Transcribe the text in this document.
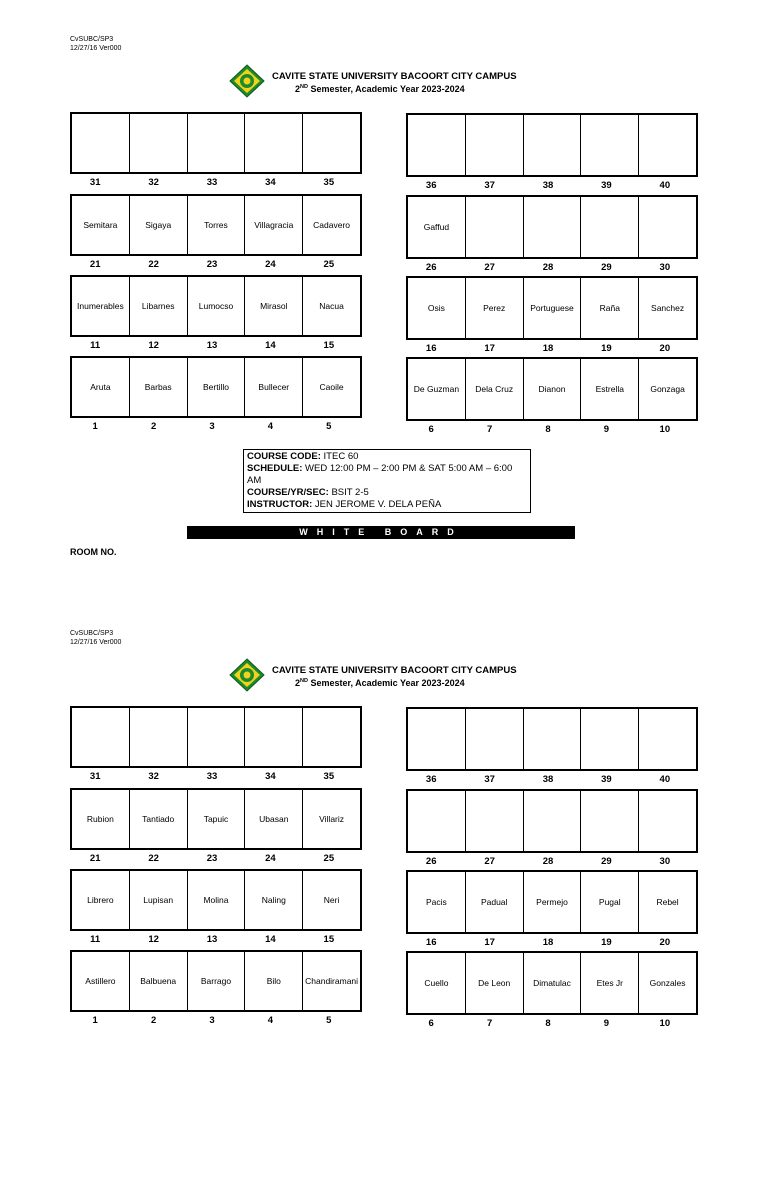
CvSUBC/SP3
12/27/16 Ver000
CAVITE STATE UNIVERSITY BACOORT CITY CAMPUS
2ND Semester, Academic Year 2023-2024
31	32	33	34	35
Semitara	Sigaya	Torres	Villagracia	Cadavero
21	22	23	24	25
Inumerables	Libarnes	Lumocso	Mirasol	Nacua
11	12	13	14	15
Aruta	Barbas	Bertillo	Bullecer	Caoile
1	2	3	4	5
36	37	38	39	40
Gaffud
26	27	28	29	30
Osis	Perez	Portuguese	Raña	Sanchez
16	17	18	19	20
De Guzman	Dela Cruz	Dianon	Estrella	Gonzaga
6	7	8	9	10
COURSE CODE: ITEC 60
SCHEDULE: WED 12:00 PM – 2:00 PM & SAT 5:00 AM – 6:00 AM
COURSE/YR/SEC: BSIT 2-5
INSTRUCTOR: JEN JEROME V. DELA PEÑA
WHITE BOARD
ROOM NO.
CvSUBC/SP3
12/27/16 Ver000
CAVITE STATE UNIVERSITY BACOORT CITY CAMPUS
2ND Semester, Academic Year 2023-2024
31	32	33	34	35
Rubion	Tantiado	Tapuic	Ubasan	Villariz
21	22	23	24	25
Librero	Lupisan	Molina	Naling	Neri
11	12	13	14	15
Astillero	Balbuena	Barrago	Bilo	Chandiramani
1	2	3	4	5
36	37	38	39	40
26	27	28	29	30
Pacis	Padual	Permejo	Pugal	Rebel
16	17	18	19	20
Cuello	De Leon	Dimatulac	Etes Jr	Gonzales
6	7	8	9	10
